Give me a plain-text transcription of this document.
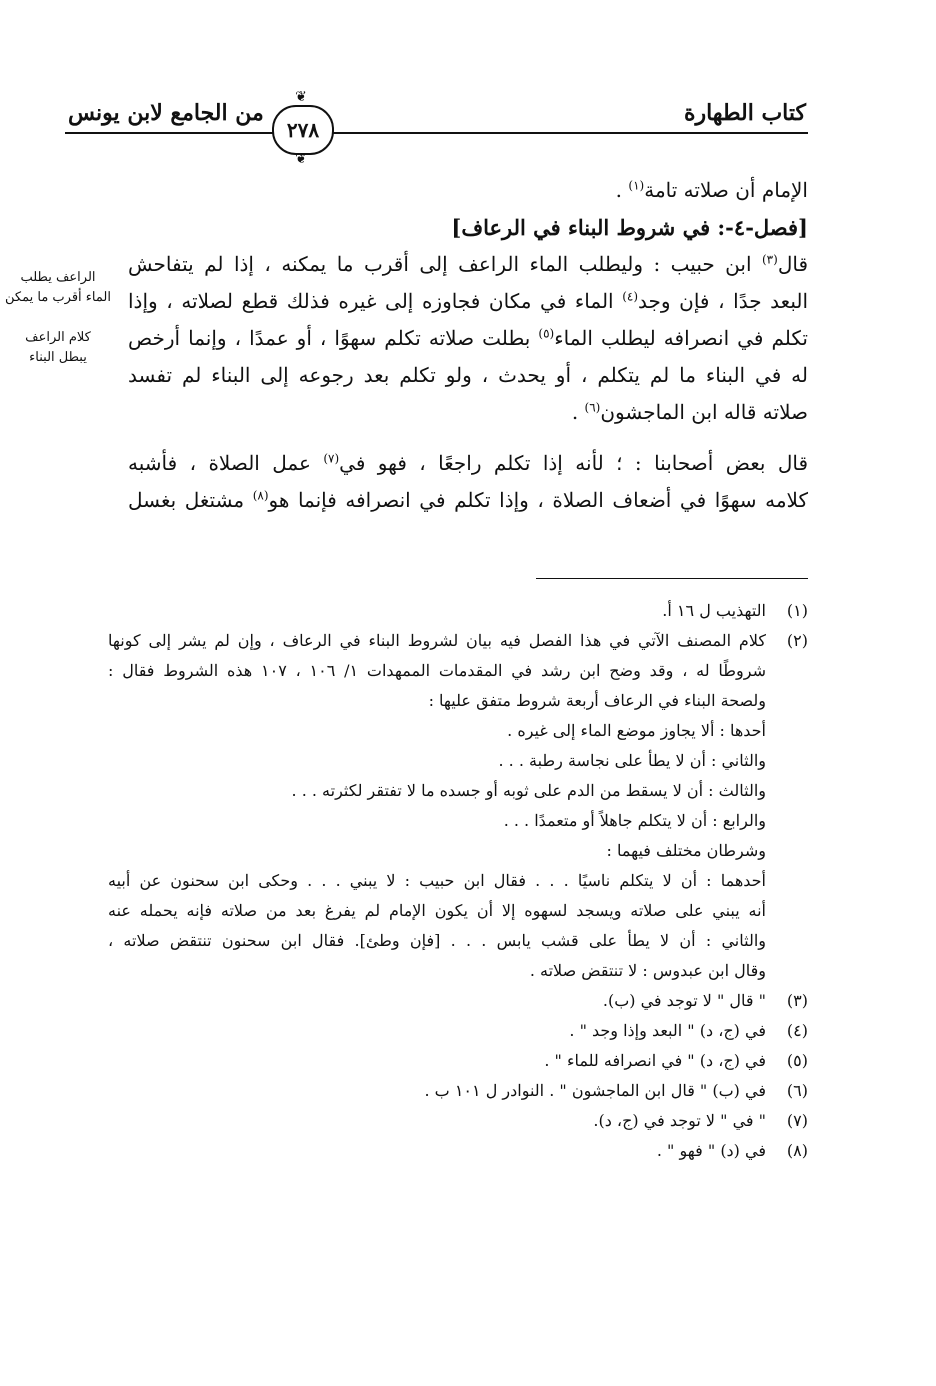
كتاب الطهارة
من الجامع لابن يونس
❦
٢٧٨
❦
الإمام أن صلاته تامة$^{(١)}$ .
[فصل-٤-: في شروط البناء في الرعاف]
قال$^{(٣)}$ ابن حبيب : وليطلب الماء الراعف إلى أقرب ما يمكنه ، إذا لم يتفاحش
البعد جدًا ، فإن وجد$^{(٤)}$ الماء في مكان فجاوزه إلى غيره فذلك قطع لصلاته ، وإذا
تكلم في انصرافه ليطلب الماء$^{(٥)}$ بطلت صلاته تكلم سهوًا ، أو عمدًا ، وإنما أرخص
له في البناء ما لم يتكلم ، أو يحدث ، ولو تكلم بعد رجوعه إلى البناء لم تفسد
صلاته قاله ابن الماجشون$^{(٦)}$ .
قال بعض أصحابنا : ؛ لأنه إذا تكلم راجعًا ، فهو في$^{(٧)}$ عمل الصلاة ، فأشبه
كلامه سهوًا في أضعاف الصلاة ، وإذا تكلم في انصرافه فإنما هو$^{(٨)}$ مشتغل بغسل
الراعف يطلب
الماء أقرب ما يمكن
كلام الراعف
يبطل البناء
(١)التهذيب ل ١٦ أ.
(٢)كلام المصنف الآتي في هذا الفصل فيه بيان لشروط البناء في الرعاف ، وإن لم يشر إلى كونها
شروطًا له ، وقد وضح ابن رشد في المقدمات الممهدات ١/ ١٠٦ ، ١٠٧ هذه الشروط فقال :
ولصحة البناء في الرعاف أربعة شروط متفق عليها :
أحدها : ألا يجاوز موضع الماء إلى غيره .
والثاني : أن لا يطأ على نجاسة رطبة . . .
والثالث : أن لا يسقط من الدم على ثوبه أو جسده ما لا تفتقر لكثرته . . .
والرابع : أن لا يتكلم جاهلاً أو متعمدًا . . .
وشرطان مختلف فيهما :
أحدهما : أن لا يتكلم ناسيًا . . . فقال ابن حبيب : لا يبني . . . وحكى ابن سحنون عن أبيه
أنه يبني على صلاته ويسجد لسهوه إلا أن يكون الإمام لم يفرغ بعد من صلاته فإنه يحمله عنه
والثاني : أن لا يطأ على قشب يابس . . . [فإن وطئ]. فقال ابن سحنون تنتقض صلاته ،
وقال ابن عبدوس : لا تنتقض صلاته .
(٣)" قال " لا توجد في (ب).
(٤)في (ج، د) " البعد وإذا وجد " .
(٥)في (ج، د) " في انصرافه للماء " .
(٦)في (ب) " قال ابن الماجشون " . النوادر ل ١٠١ ب .
(٧)" في " لا توجد في (ج، د).
(٨)في (د) " فهو " .
